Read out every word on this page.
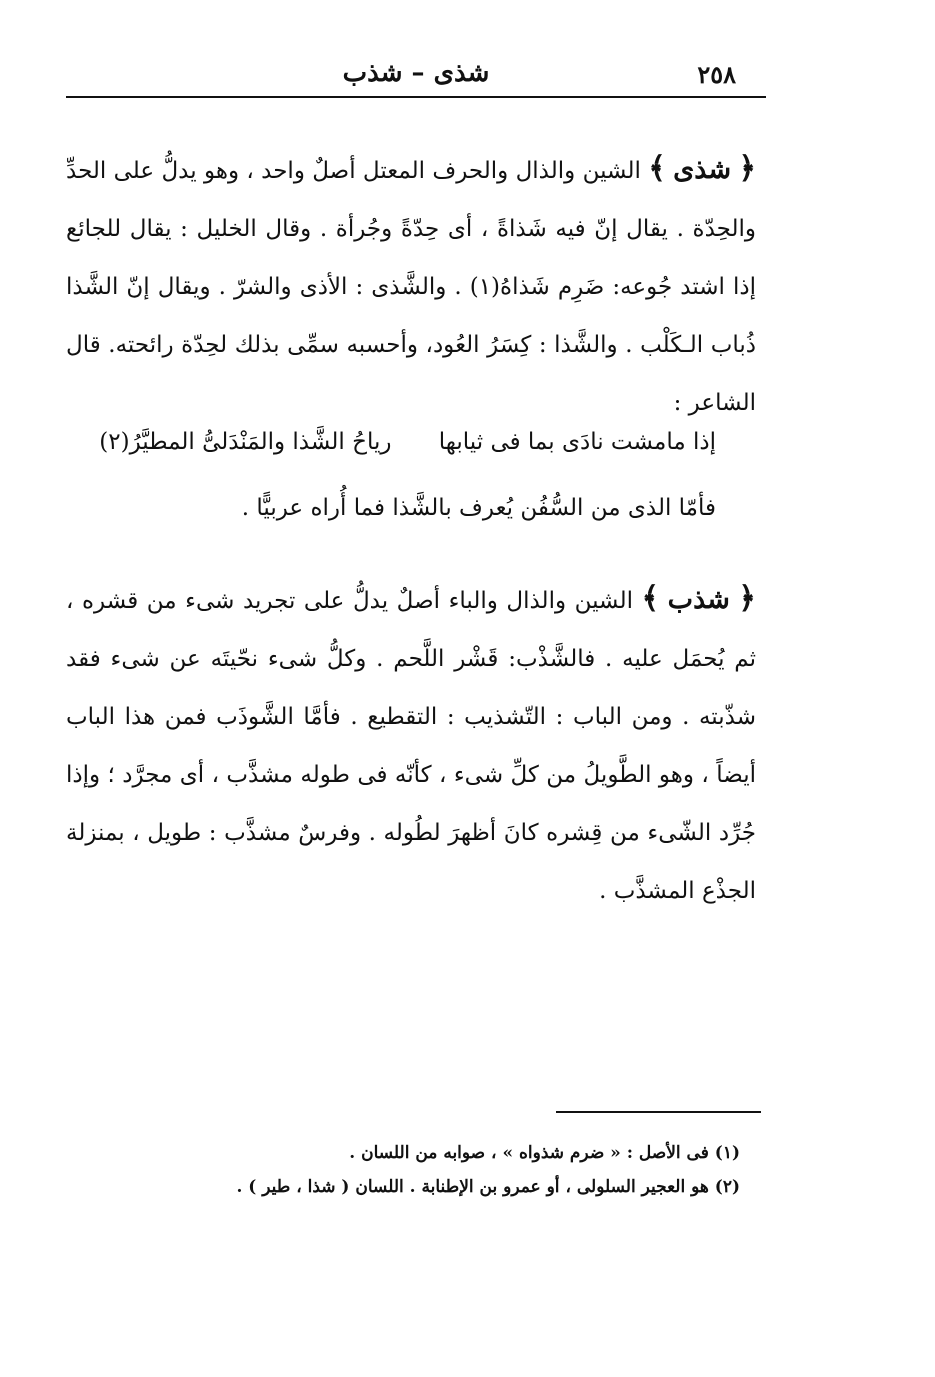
٢٥٨
شذى – شذب
﴿ شذى ﴾ الشين والذال والحرف المعتل أصلٌ واحد ، وهو يدلُّ على الحدِّ والحِدّة . يقال إنّ فيه شَذاةً ، أى حِدّةً وجُرأة . وقال الخليل : يقال للجائع إذا اشتد جُوعه: ضَرِم شَذاهُ(١) . والشَّذى : الأذى والشرّ . ويقال إنّ الشَّذا ذُباب الـكَلْب . والشَّذا : كِسَرُ العُود، وأحسبه سمِّى بذلك لحِدّة رائحته. قال الشاعر :
إذا مامشت نادَى بما فى ثيابها رياحُ الشَّذا والمَنْدَلىُّ المطيَّرُ(٢)
فأمّا الذى من السُّفُن يُعرف بالشَّذا فما أُراه عربيًّا .
﴿ شذب ﴾ الشين والذال والباء أصلٌ يدلُّ على تجريد شىء من قشره ، ثم يُحمَل عليه . فالشَّذْب: قَشْر اللَّحم . وكلُّ شىء نحّيتَه عن شىء فقد شذّبته . ومن الباب : التّشذيب : التقطيع . فأمَّا الشَّوذَب فمن هذا الباب أيضاً ، وهو الطَّويلُ من كلِّ شىء ، كأنّه فى طوله مشذَّب ، أى مجرَّد ؛ وإذا جُرِّد الشّىء من قِشره كانَ أظهرَ لطُوله . وفرسٌ مشذَّب : طويل ، بمنزلة الجذْع المشذَّب .
(١) فى الأصل : « ضرم شذواه » ، صوابه من اللسان .
(٢) هو العجير السلولى ، أو عمرو بن الإطنابة . اللسان ( شذا ، طير ) .
